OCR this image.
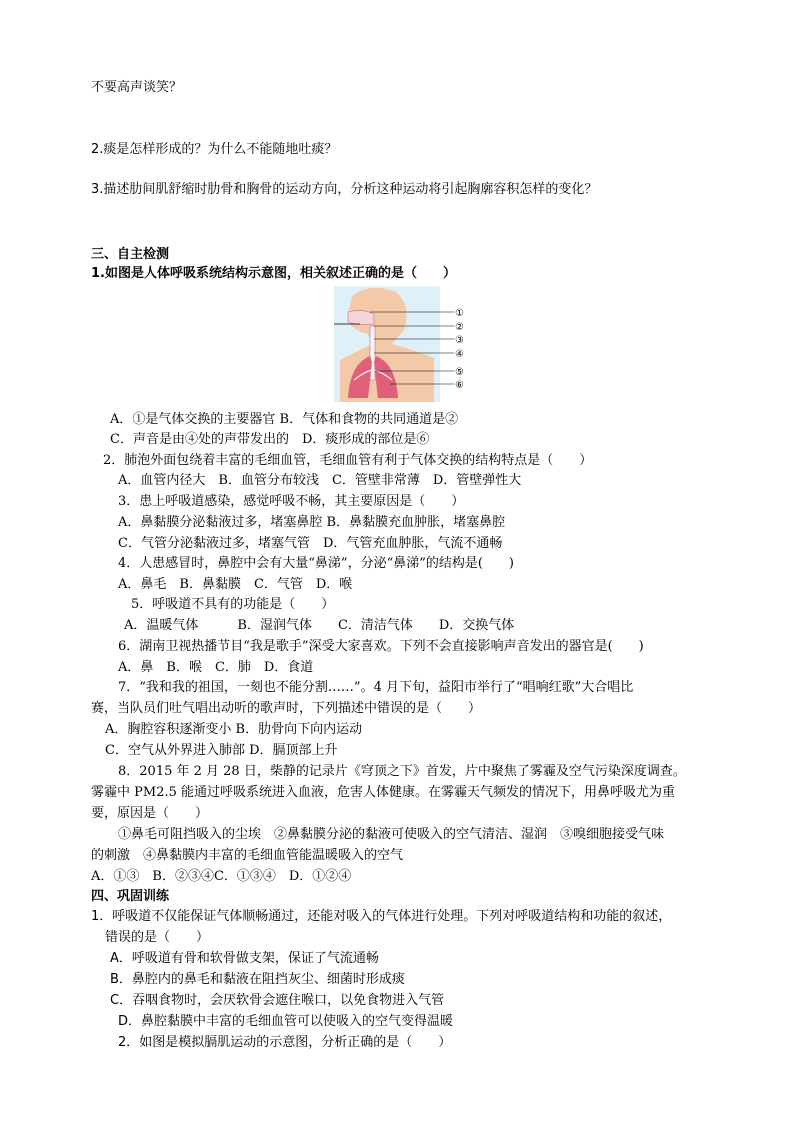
不要高声谈笑？
2.痰是怎样形成的？为什么不能随地吐痰？
3.描述肋间肌舒缩时肋骨和胸骨的运动方向，分析这种运动将引起胸廓容积怎样的变化？
三、自主检测
1.如图是人体呼吸系统结构示意图，相关叙述正确的是（　　）
①
②
③
④
⑤
⑥
A．①是气体交换的主要器官 B．气体和食物的共同通道是②
C．声音是由④处的声带发出的　D．痰形成的部位是⑥
2．肺泡外面包绕着丰富的毛细血管，毛细血管有利于气体交换的结构特点是（　　）
A．血管内径大　B．血管分布较浅　C．管壁非常薄　D．管壁弹性大
3．患上呼吸道感染，感觉呼吸不畅，其主要原因是（　　）
A．鼻黏膜分泌黏液过多，堵塞鼻腔 B．鼻黏膜充血肿胀，堵塞鼻腔
C．气管分泌黏液过多，堵塞气管　D．气管充血肿胀，气流不通畅
4．人患感冒时，鼻腔中会有大量“鼻涕”，分泌“鼻涕”的结构是(　　)
A．鼻毛　B．鼻黏膜　C．气管　D．喉
5．呼吸道不具有的功能是（　　）
A．温暖气体　　　B．湿润气体　　C．清洁气体　　D．交换气体
6．湖南卫视热播节目“我是歌手”深受大家喜欢。下列不会直接影响声音发出的器官是(　　)
A．鼻　B．喉　C．肺　D．食道
7．“我和我的祖国，一刻也不能分割……”。4 月下旬，益阳市举行了“唱响红歌”大合唱比
赛，当队员们吐气唱出动听的歌声时，下列描述中错误的是（　　）
A．胸腔容积逐渐变小 B．肋骨向下向内运动
C．空气从外界进入肺部 D．膈顶部上升
8．2015 年 2 月 28 日，柴静的记录片《穹顶之下》首发，片中聚焦了雾霾及空气污染深度调查。
雾霾中 PM2.5 能通过呼吸系统进入血液，危害人体健康。在雾霾天气频发的情况下，用鼻呼吸尤为重
要，原因是（　　）
①鼻毛可阻挡吸入的尘埃　②鼻黏膜分泌的黏液可使吸入的空气清洁、湿润　③嗅细胞接受气味
的刺激　④鼻黏膜内丰富的毛细血管能温暖吸入的空气
A．①③　B．②③④C．①③④　D．①②④
四、巩固训练
1．呼吸道不仅能保证气体顺畅通过，还能对吸入的气体进行处理。下列对呼吸道结构和功能的叙述，
错误的是（　　）
A．呼吸道有骨和软骨做支架，保证了气流通畅
B．鼻腔内的鼻毛和黏液在阻挡灰尘、细菌时形成痰
C．吞咽食物时，会厌软骨会遮住喉口，以免食物进入气管
D．鼻腔黏膜中丰富的毛细血管可以使吸入的空气变得温暖
2．如图是模拟膈肌运动的示意图，分析正确的是（　　）
